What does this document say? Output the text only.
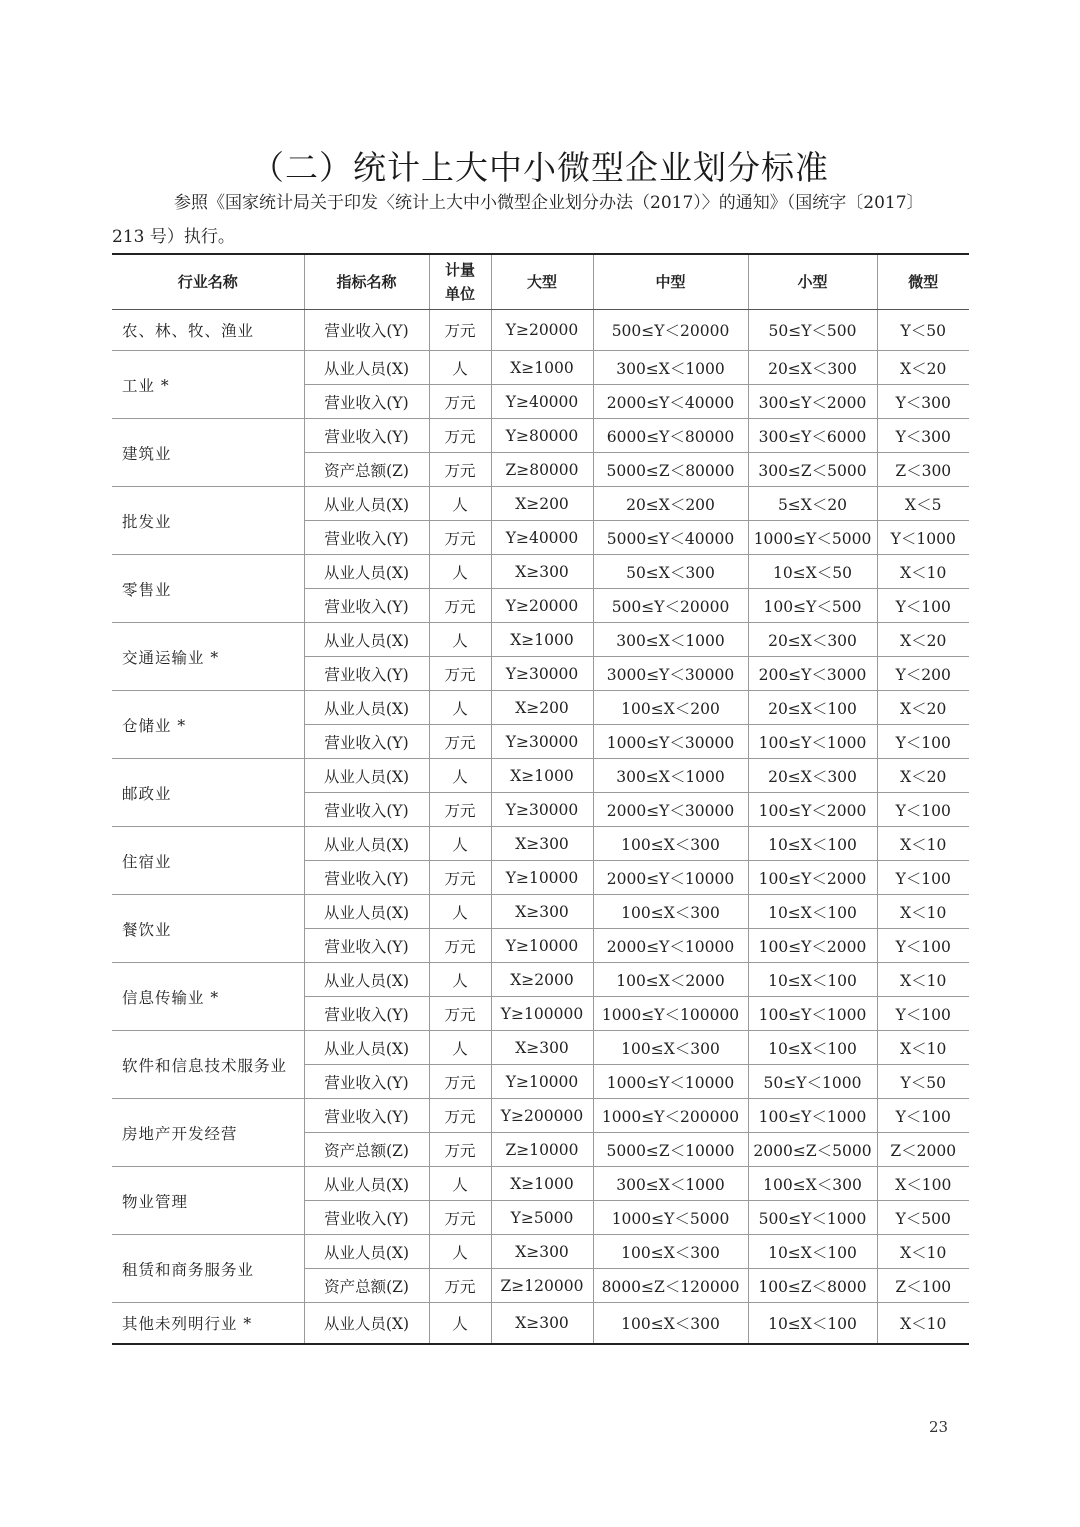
（二）统计上大中小微型企业划分标准
参照《国家统计局关于印发〈统计上大中小微型企业划分办法（2017）〉的通知》（国统字〔2017〕
213 号）执行。
行业名称	指标名称	计量单位	大型	中型	小型	微型
农、林、牧、渔业	营业收入(Y)	万元	Y≥20000	500≤Y＜20000	50≤Y＜500	Y＜50
工业 *	从业人员(X)	人	X≥1000	300≤X＜1000	20≤X＜300	X＜20
	营业收入(Y)	万元	Y≥40000	2000≤Y＜40000	300≤Y＜2000	Y＜300
建筑业	营业收入(Y)	万元	Y≥80000	6000≤Y＜80000	300≤Y＜6000	Y＜300
	资产总额(Z)	万元	Z≥80000	5000≤Z＜80000	300≤Z＜5000	Z＜300
批发业	从业人员(X)	人	X≥200	20≤X＜200	5≤X＜20	X＜5
	营业收入(Y)	万元	Y≥40000	5000≤Y＜40000	1000≤Y＜5000	Y＜1000
零售业	从业人员(X)	人	X≥300	50≤X＜300	10≤X＜50	X＜10
	营业收入(Y)	万元	Y≥20000	500≤Y＜20000	100≤Y＜500	Y＜100
交通运输业 *	从业人员(X)	人	X≥1000	300≤X＜1000	20≤X＜300	X＜20
	营业收入(Y)	万元	Y≥30000	3000≤Y＜30000	200≤Y＜3000	Y＜200
仓储业 *	从业人员(X)	人	X≥200	100≤X＜200	20≤X＜100	X＜20
	营业收入(Y)	万元	Y≥30000	1000≤Y＜30000	100≤Y＜1000	Y＜100
邮政业	从业人员(X)	人	X≥1000	300≤X＜1000	20≤X＜300	X＜20
	营业收入(Y)	万元	Y≥30000	2000≤Y＜30000	100≤Y＜2000	Y＜100
住宿业	从业人员(X)	人	X≥300	100≤X＜300	10≤X＜100	X＜10
	营业收入(Y)	万元	Y≥10000	2000≤Y＜10000	100≤Y＜2000	Y＜100
餐饮业	从业人员(X)	人	X≥300	100≤X＜300	10≤X＜100	X＜10
	营业收入(Y)	万元	Y≥10000	2000≤Y＜10000	100≤Y＜2000	Y＜100
信息传输业 *	从业人员(X)	人	X≥2000	100≤X＜2000	10≤X＜100	X＜10
	营业收入(Y)	万元	Y≥100000	1000≤Y＜100000	100≤Y＜1000	Y＜100
软件和信息技术服务业	从业人员(X)	人	X≥300	100≤X＜300	10≤X＜100	X＜10
	营业收入(Y)	万元	Y≥10000	1000≤Y＜10000	50≤Y＜1000	Y＜50
房地产开发经营	营业收入(Y)	万元	Y≥200000	1000≤Y＜200000	100≤Y＜1000	Y＜100
	资产总额(Z)	万元	Z≥10000	5000≤Z＜10000	2000≤Z＜5000	Z＜2000
物业管理	从业人员(X)	人	X≥1000	300≤X＜1000	100≤X＜300	X＜100
	营业收入(Y)	万元	Y≥5000	1000≤Y＜5000	500≤Y＜1000	Y＜500
租赁和商务服务业	从业人员(X)	人	X≥300	100≤X＜300	10≤X＜100	X＜10
	资产总额(Z)	万元	Z≥120000	8000≤Z＜120000	100≤Z＜8000	Z＜100
其他未列明行业 *	从业人员(X)	人	X≥300	100≤X＜300	10≤X＜100	X＜10
23
